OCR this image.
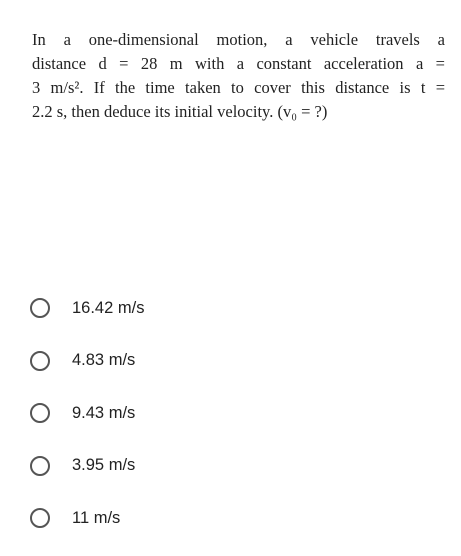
In a one-dimensional motion, a vehicle travels a
distance d = 28 m with a constant acceleration a =
3 m/s². If the time taken to cover this distance is t =
2.2 s, then deduce its initial velocity. (v₀ = ?)
16.42 m/s
4.83 m/s
9.43 m/s
3.95 m/s
11 m/s
